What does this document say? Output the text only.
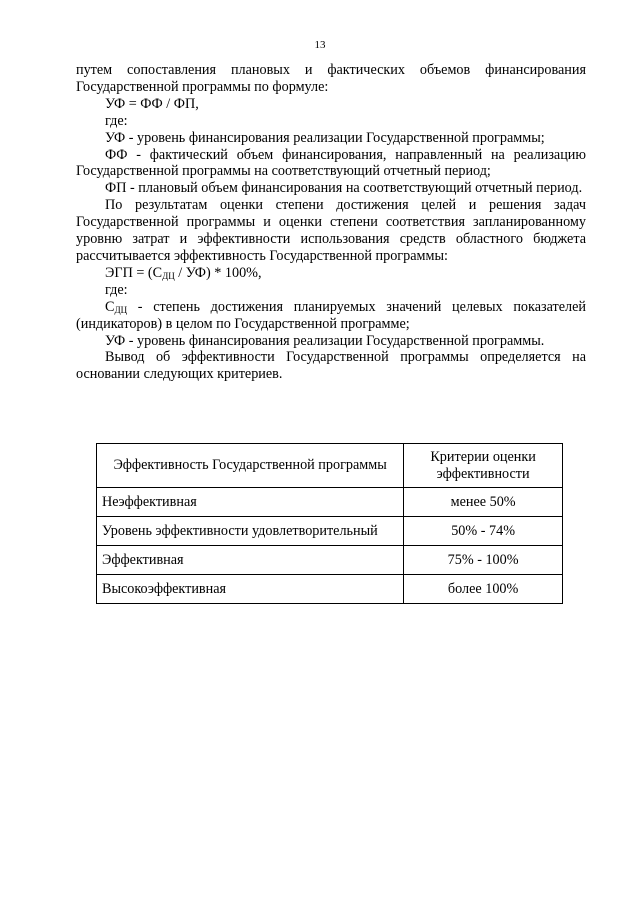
13

путем сопоставления плановых и фактических объемов финансирования Государственной программы по формуле:

УФ = ФФ / ФП,

где:

УФ - уровень финансирования реализации Государственной программы;

ФФ - фактический объем финансирования, направленный на реализацию Государственной программы на соответствующий отчетный период;

ФП - плановый объем финансирования на соответствующий отчетный период.

По результатам оценки степени достижения целей и решения задач Государственной программы и оценки степени соответствия запланированному уровню затрат и эффективности использования средств областного бюджета рассчитывается эффективность Государственной программы:

ЭГП = $(С_{ДЦ} / УФ) * 100\%$,

где:

$С_{ДЦ}$ - степень достижения планируемых значений целевых показателей (индикаторов) в целом по Государственной программе;

УФ - уровень финансирования реализации Государственной программы.

Вывод об эффективности Государственной программы определяется на основании следующих критериев.

Эффективность Государственной программы	Критерии оценки эффективности
Неэффективная	менее 50%
Уровень эффективности удовлетворительный	50% - 74%
Эффективная	75% - 100%
Высокоэффективная	более 100%
